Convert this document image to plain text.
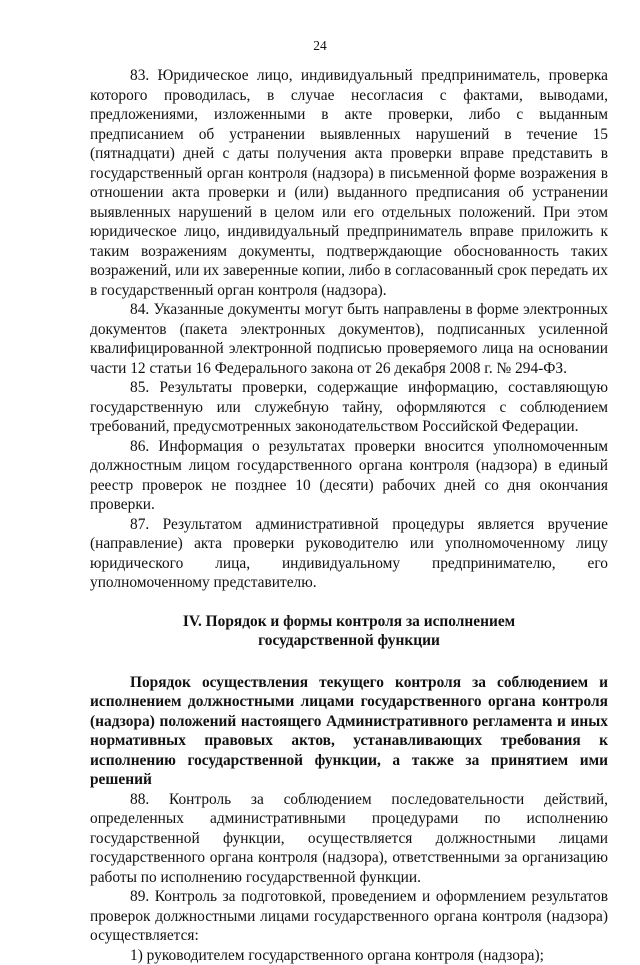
24

83. Юридическое лицо, индивидуальный предприниматель, проверка которого проводилась, в случае несогласия с фактами, выводами, предложениями, изложенными в акте проверки, либо с выданным предписанием об устранении выявленных нарушений в течение 15 (пятнадцати) дней с даты получения акта проверки вправе представить в государственный орган контроля (надзора) в письменной форме возражения в отношении акта проверки и (или) выданного предписания об устранении выявленных нарушений в целом или его отдельных положений. При этом юридическое лицо, индивидуальный предприниматель вправе приложить к таким возражениям документы, подтверждающие обоснованность таких возражений, или их заверенные копии, либо в согласованный срок передать их в государственный орган контроля (надзора).

84. Указанные документы могут быть направлены в форме электронных документов (пакета электронных документов), подписанных усиленной квалифицированной электронной подписью проверяемого лица на основании части 12 статьи 16 Федерального закона от 26 декабря 2008 г. № 294-ФЗ.

85. Результаты проверки, содержащие информацию, составляющую государственную или служебную тайну, оформляются с соблюдением требований, предусмотренных законодательством Российской Федерации.

86. Информация о результатах проверки вносится уполномоченным должностным лицом государственного органа контроля (надзора) в единый реестр проверок не позднее 10 (десяти) рабочих дней со дня окончания проверки.

87. Результатом административной процедуры является вручение (направление) акта проверки руководителю или уполномоченному лицу юридического лица, индивидуальному предпринимателю, его уполномоченному представителю.

IV. Порядок и формы контроля за исполнением
государственной функции

Порядок осуществления текущего контроля за соблюдением и исполнением должностными лицами государственного органа контроля (надзора) положений настоящего Административного регламента и иных нормативных правовых актов, устанавливающих требования к исполнению государственной функции, а также за принятием ими решений

88. Контроль за соблюдением последовательности действий, определенных административными процедурами по исполнению государственной функции, осуществляется должностными лицами государственного органа контроля (надзора), ответственными за организацию работы по исполнению государственной функции.

89. Контроль за подготовкой, проведением и оформлением результатов проверок должностными лицами государственного органа контроля (надзора) осуществляется:

1) руководителем государственного органа контроля (надзора);
